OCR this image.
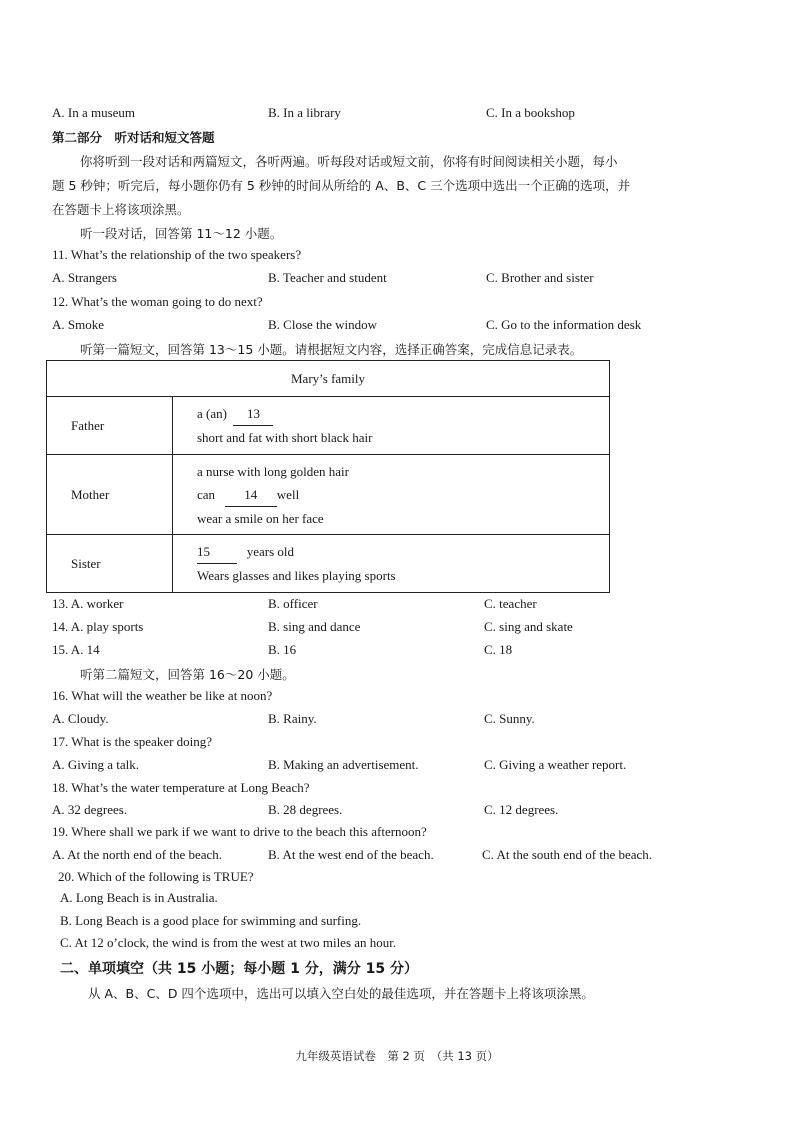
A. In a museum	B. In a library	C. In a bookshop
第二部分　听对话和短文答题
你将听到一段对话和两篇短文，各听两遍。听每段对话或短文前，你将有时间阅读相关小题，每小
题 5 秒钟；听完后，每小题你仍有 5 秒钟的时间从所给的 A、B、C 三个选项中选出一个正确的选项，并
在答题卡上将该项涂黑。
听一段对话，回答第 11～12 小题。
11. What’s the relationship of the two speakers?
A. Strangers	B. Teacher and student	C. Brother and sister
12. What’s the woman going to do next?
A. Smoke	B. Close the window	C. Go to the information desk
听第一篇短文，回答第 13～15 小题。请根据短文内容，选择正确答案，完成信息记录表。
Mary’s family	
Father	a (an) 13
short and fat with short black hair

Mother	a nurse with long golden hair
can 14 well
wear a smile on her face

Sister	15 years old
Wears glasses and likes playing sports
13. A. worker	B. officer	C. teacher
14. A. play sports	B. sing and dance	C. sing and skate
15. A. 14	B. 16	C. 18
听第二篇短文，回答第 16～20 小题。
16. What will the weather be like at noon?
A. Cloudy.	B. Rainy.	C. Sunny.
17. What is the speaker doing?
A. Giving a talk.	B. Making an advertisement.	C. Giving a weather report.
18. What’s the water temperature at Long Beach?
A. 32 degrees.	B. 28 degrees.	C. 12 degrees.
19. Where shall we park if we want to drive to the beach this afternoon?
A. At the north end of the beach.	B. At the west end of the beach.	C. At the south end of the beach.
20. Which of the following is TRUE?
A. Long Beach is in Australia.
B. Long Beach is a good place for swimming and surfing.
C. At 12 o’clock, the wind is from the west at two miles an hour.
二、单项填空（共 15 小题；每小题 1 分，满分 15 分）
从 A、B、C、D 四个选项中，选出可以填入空白处的最佳选项，并在答题卡上将该项涂黑。
九年级英语试卷　第 2 页　（共 13 页）
